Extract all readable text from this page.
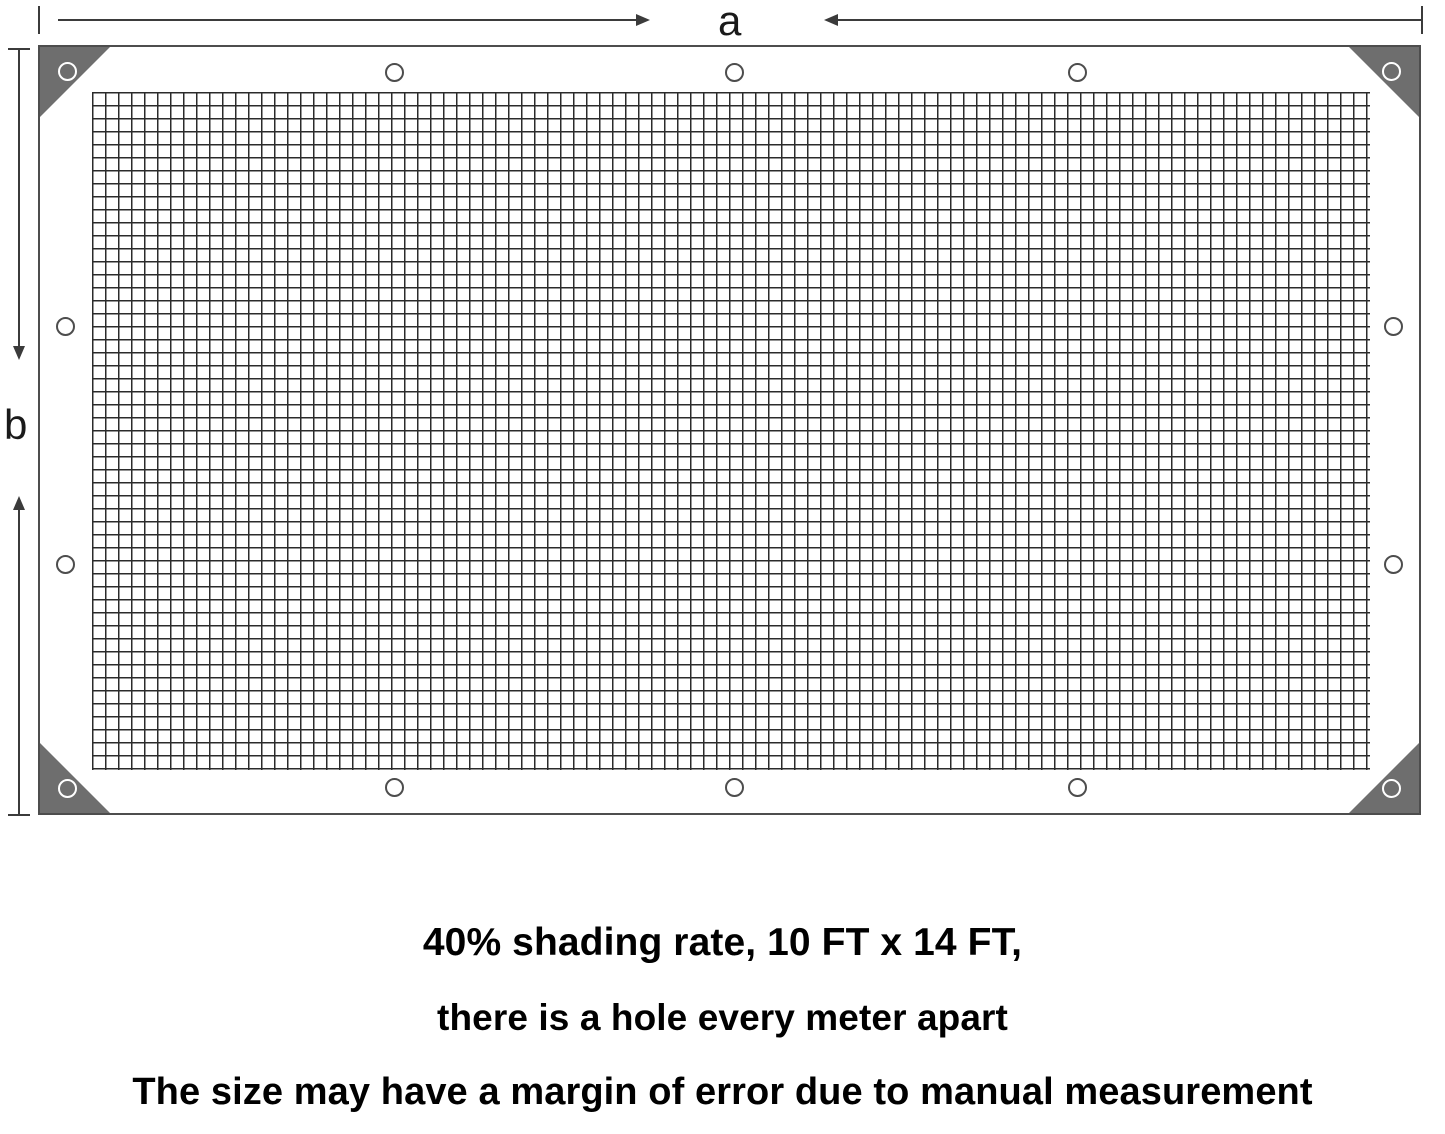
a
b
40% shading rate, 10 FT x 14 FT,
there is a hole every meter apart
The size may have a margin of error due to manual measurement
